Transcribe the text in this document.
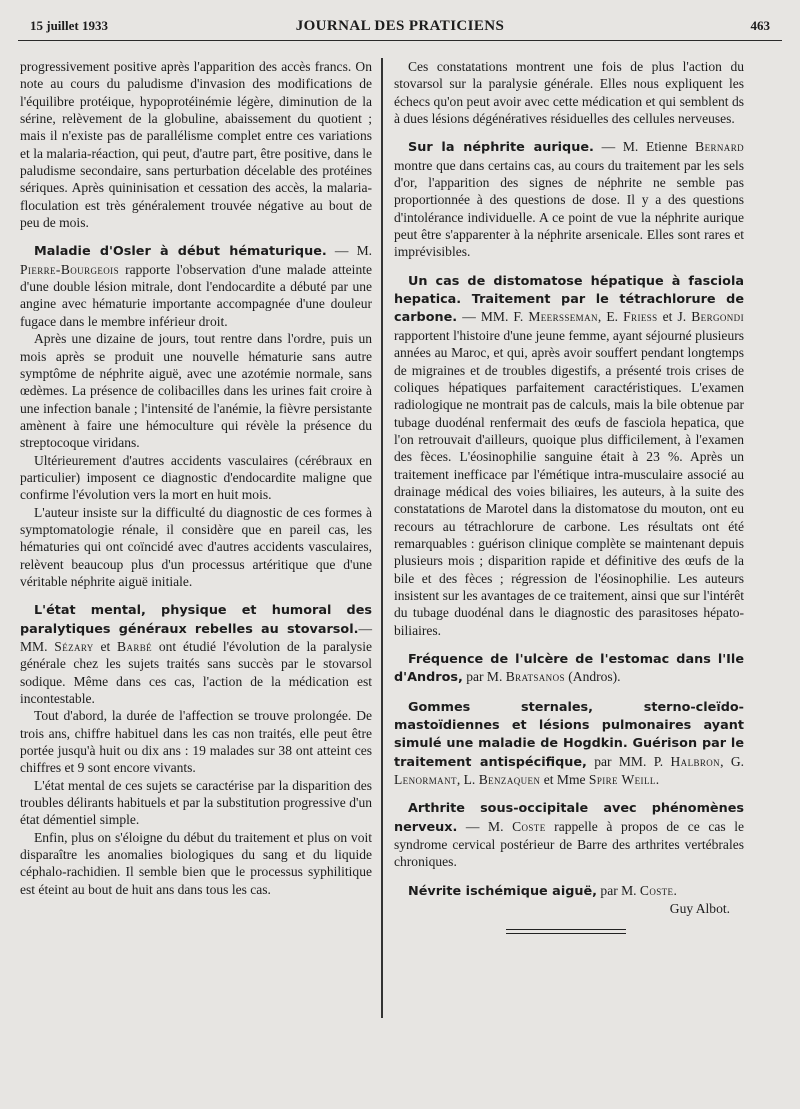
15 juillet 1933	JOURNAL DES PRATICIENS	463

progressivement positive après l'apparition des accès francs. On note au cours du paludisme d'invasion des modifications de l'équilibre protéique, hypoprotéinémie légère, diminution de la sérine, relèvement de la globuline, abaissement du quotient ; mais il n'existe pas de parallélisme complet entre ces variations et la malaria-réaction, qui peut, d'autre part, être positive, dans le paludisme secondaire, sans perturbation décelable des protéines sériques. Après quininisation et cessation des accès, la malaria-floculation est très généralement trouvée négative au bout de peu de mois.

Maladie d'Osler à début hématurique. — M. Pierre-Bourgeois rapporte l'observation d'une malade atteinte d'une double lésion mitrale, dont l'endocardite a débuté par une angine avec hématurie importante accompagnée d'une douleur fugace dans le membre inférieur droit.

Après une dizaine de jours, tout rentre dans l'ordre, puis un mois après se produit une nouvelle hématurie sans autre symptôme de néphrite aiguë, avec une azotémie normale, sans œdèmes. La présence de colibacilles dans les urines fait croire à une infection banale ; l'intensité de l'anémie, la fièvre persistante amènent à faire une hémoculture qui révèle la présence du streptocoque viridans.

Ultérieurement d'autres accidents vasculaires (cérébraux en particulier) imposent ce diagnostic d'endocardite maligne que confirme l'évolution vers la mort en huit mois.

L'auteur insiste sur la difficulté du diagnostic de ces formes à symptomatologie rénale, il considère que en pareil cas, les hématuries qui ont coïncidé avec d'autres accidents vasculaires, relèvent beaucoup plus d'un processus artéritique que d'une véritable néphrite aiguë initiale.

L'état mental, physique et humoral des paralytiques généraux rebelles au stovarsol.— MM. Sézary et Barbé ont étudié l'évolution de la paralysie générale chez les sujets traités sans succès par le stovarsol sodique. Même dans ces cas, l'action de la médication est incontestable.

Tout d'abord, la durée de l'affection se trouve prolongée. De trois ans, chiffre habituel dans les cas non traités, elle peut être portée jusqu'à huit ou dix ans : 19 malades sur 38 ont atteint ces chiffres et 9 sont encore vivants.

L'état mental de ces sujets se caractérise par la disparition des troubles délirants habituels et par la substitution progressive d'un état démentiel simple.

Enfin, plus on s'éloigne du début du traitement et plus on voit disparaître les anomalies biologiques du sang et du liquide céphalo-rachidien. Il semble bien que le processus syphilitique est éteint au bout de huit ans dans tous les cas.

Ces constatations montrent une fois de plus l'action du stovarsol sur la paralysie générale. Elles nous expliquent les échecs qu'on peut avoir avec cette médication et qui semblent ds à dues lésions dégénératives résiduelles des cellules nerveuses.

Sur la néphrite aurique. — M. Etienne Bernard montre que dans certains cas, au cours du traitement par les sels d'or, l'apparition des signes de néphrite ne semble pas proportionnée à des questions de dose. Il y a des questions d'intolérance individuelle. A ce point de vue la néphrite aurique peut être s'apparenter à la néphrite arsenicale. Elles sont rares et imprévisibles.

Un cas de distomatose hépatique à fasciola hepatica. Traitement par le tétrachlorure de carbone. — MM. F. Meersseman, E. Friess et J. Bergondi rapportent l'histoire d'une jeune femme, ayant séjourné plusieurs années au Maroc, et qui, après avoir souffert pendant longtemps de migraines et de troubles digestifs, a présenté trois crises de coliques hépatiques parfaitement caractéristiques. L'examen radiologique ne montrait pas de calculs, mais la bile obtenue par tubage duodénal renfermait des œufs de fasciola hepatica, que l'on retrouvait d'ailleurs, quoique plus difficilement, à l'examen des fèces. L'éosinophilie sanguine était à 23 %. Après un traitement inefficace par l'émétique intra-musculaire associé au drainage médical des voies biliaires, les auteurs, à la suite des constatations de Marotel dans la distomatose du mouton, ont eu recours au tétrachlorure de carbone. Les résultats ont été remarquables : guérison clinique complète se maintenant depuis plusieurs mois ; disparition rapide et définitive des œufs de la bile et des fèces ; régression de l'éosinophilie. Les auteurs insistent sur les avantages de ce traitement, ainsi que sur l'intérêt du tubage duodénal dans le diagnostic des parasitoses hépato-biliaires.

Fréquence de l'ulcère de l'estomac dans l'Ile d'Andros, par M. Bratsanos (Andros).

Gommes sternales, sterno-cleïdo-mastoïdiennes et lésions pulmonaires ayant simulé une maladie de Hogdkin. Guérison par le traitement antispécifique, par MM. P. Halbron, G. Lenormant, L. Benzaquen et Mme Spire Weill.

Arthrite sous-occipitale avec phénomènes nerveux. — M. Coste rappelle à propos de ce cas le syndrome cervical postérieur de Barre des arthrites vertébrales chroniques.

Névrite ischémique aiguë, par M. Coste.

Guy Albot.
